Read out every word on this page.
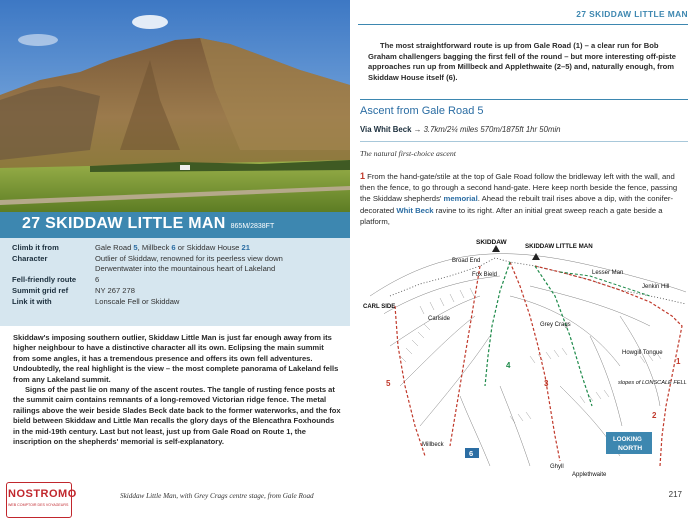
27 SKIDDAW LITTLE MAN 865M/2838FT
Climb it from	Gale Road 5, Millbeck 6 or Skiddaw House 21
Character	Outlier of Skiddaw, renowned for its peerless view down Derwentwater into the mountainous heart of Lakeland
Fell-friendly route	6
Summit grid ref	NY 267 278
Link it with	Lonscale Fell or Skiddaw

Skiddaw's imposing southern outlier, Skiddaw Little Man is just far enough away from its higher neighbour to have a distinctive character all its own. Eclipsing the main summit from some angles, it has a tremendous presence and offers its own fell adventures. Undoubtedly, the real highlight is the view – the most complete panorama of Lakeland fells from any Lakeland summit.

Signs of the past lie on many of the ascent routes. The tangle of rusting fence posts at the summit cairn contains remnants of a long-removed Victorian ridge fence. The metal railings above the weir beside Slades Beck date back to the former waterworks, and the fox bield between Skiddaw and Little Man recalls the glory days of the Blencathra Foxhounds in the mid-19th century. Last but not least, just up from Gale Road on Route 1, the inscription on the shepherds' memorial is self-explanatory.

NOSTROMO
WEB COMPTOIR DES VOYAGEURS
Skiddaw Little Man, with Grey Crags centre stage, from Gale Road
27 SKIDDAW LITTLE MAN
The most straightforward route is up from Gale Road (1) – a clear run for Bob Graham challengers bagging the first fell of the round – but more interesting off-piste approaches run up from Millbeck and Applethwaite (2–5) and, naturally enough, from Skiddaw House itself (6).
Ascent from Gale Road 5
Via Whit Beck → 3.7km/2¼ miles 570m/1875ft 1hr 50min
The natural first-choice ascent
1 From the hand-gate/stile at the top of Gale Road follow the bridleway left with the wall, and then the fence, to go through a second hand-gate. Here keep north beside the fence, passing the Skiddaw shepherds' memorial. Ahead the rebuilt trail rises above a dip, with the conifer-decorated Whit Beck ravine to its right. After an initial great sweep reach a gate beside a platform,
SKIDDAW
Broad End
SKIDDAW LITTLE MAN
Fox Bield	Lesser Man
Jenkin Hill
CARL SIDE
Carlside
Grey Crags
Howgill Tongue
slopes of LONSCALE FELL
Millbeck
Ghyll
Applethwaite
1
2
3
4
5
6
LOOKING
NORTH
217
